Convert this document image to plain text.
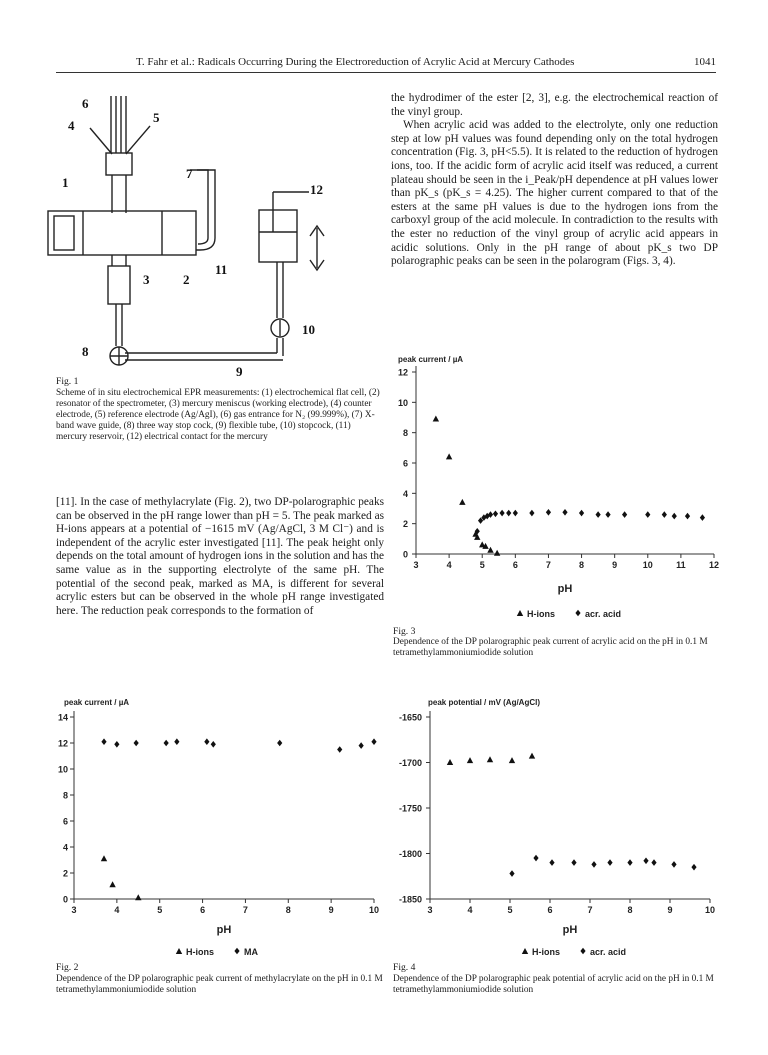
T. Fahr et al.: Radicals Occurring During the Electroreduction of Acrylic Acid at Mercury Cathodes	1041
6
4
5
1
7
12
3	2
11
10
8
9
Fig. 1
Scheme of in situ electrochemical EPR measurements: (1) electrochemical flat cell, (2) resonator of the spectrometer, (3) mercury meniscus (working electrode), (4) counter electrode, (5) reference electrode (Ag/AgI), (6) gas entrance for N₂ (99.999%), (7) X-band wave guide, (8) three way stop cock, (9) flexible tube, (10) stopcock, (11) mercury reservoir, (12) electrical contact for the mercury

[11]. In the case of methylacrylate (Fig. 2), two DP-polarographic peaks can be observed in the pH range lower than pH = 5. The peak marked as H-ions appears at a potential of −1615 mV (Ag/AgCl, 3 M Cl⁻) and is independent of the acrylic ester investigated [11]. The peak height only depends on the total amount of hydrogen ions in the solution and has the same value as in the supporting electrolyte of the same pH. The potential of the second peak, marked as MA, is different for several acrylic esters but can be observed in the whole pH range investigated here. The reduction peak corresponds to the formation of

the hydrodimer of the ester [2, 3], e.g. the electrochemical reaction of the vinyl group.

When acrylic acid was added to the electrolyte, only one reduction step at low pH values was found depending only on the total hydrogen concentration (Fig. 3, pH<5.5). It is related to the reduction of hydrogen ions, too. If the acidic form of acrylic acid itself was reduced, a current plateau should be seen in the i_Peak/pH dependence at pH values lower than pK_s (pK_s = 4.25). The higher current compared to that of the esters at the same pH values is due to the hydrogen ions from the carboxyl group of the acid molecule. In contradiction to the results with the ester no reduction of the vinyl group of acrylic acid appears in acidic solutions. Only in the pH range of about pK_s two DP polarographic peaks can be seen in the polarogram (Figs. 3, 4).

0
2
4
6
8
10
12
3	4	5	6	7	8	9	10	11	12
peak current / µA
pH
H-ions	acr. acid
Fig. 3
Dependence of the DP polarographic peak current of acrylic acid on the pH in 0.1 M tetramethylammoniumiodide solution
0
2
4
6
8
10
12
14
3	4	5	6	7	8	9	10
peak current / µA
pH
H-ions	MA
Fig. 2
Dependence of the DP polarographic peak current of methylacrylate on the pH in 0.1 M tetramethylammoniumiodide solution
-1650
-1700
-1750
-1800
-1850
3	4	5	6	7	8	9	10
peak potential / mV (Ag/AgCl)
pH
H-ions	acr. acid
Fig. 4
Dependence of the DP polarographic peak potential of acrylic acid on the pH in 0.1 M tetramethylammoniumiodide solution
